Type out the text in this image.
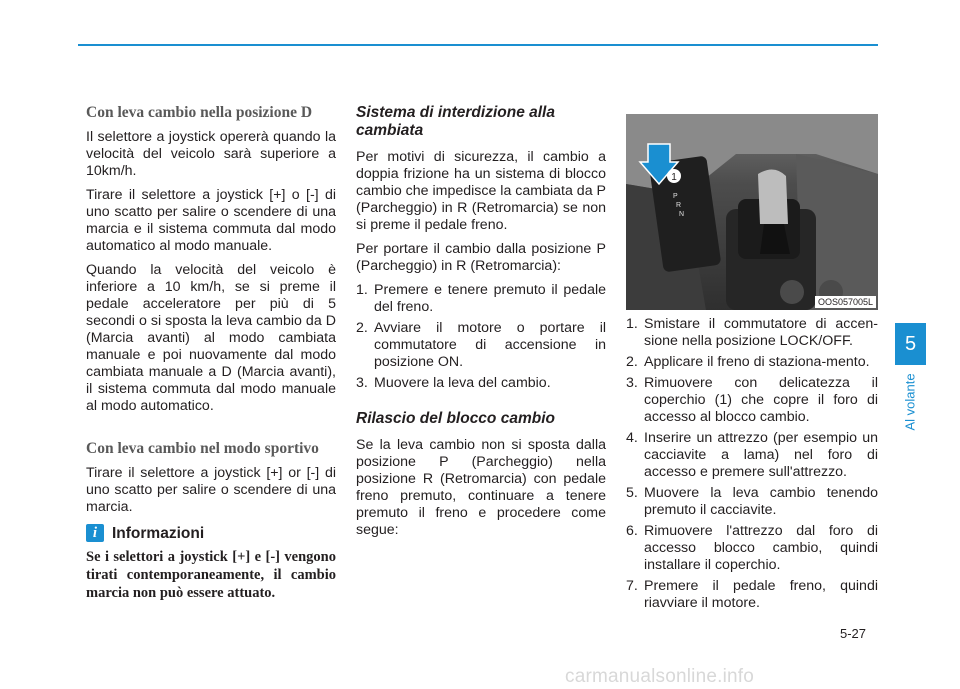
Con leva cambio nella posizione D

Il selettore a joystick opererà quando la velocità del veicolo sarà superiore a 10km/h.

Tirare il selettore a joystick [+] o [-] di uno scatto per salire o scendere di una marcia e il sistema commuta dal modo automatico al modo manuale.

Quando la velocità del veicolo è inferiore a 10 km/h, se si preme il pedale acceleratore per più di 5 secondi o si sposta la leva cambio da D (Marcia avanti) al modo cambiata manuale e poi nuovamente dal modo cambiata manuale a D (Marcia avanti), il sistema commuta dal modo manuale al modo automatico.

Con leva cambio nel modo sportivo

Tirare il selettore a joystick [+] or [-] di uno scatto per salire o scendere di una marcia.

i Informazioni
Se i selettori a joystick [+] e [-] vengono tirati contemporaneamente, il cambio marcia non può essere attuato.
Sistema di interdizione alla cambiata

Per motivi di sicurezza, il cambio a doppia frizione ha un sistema di blocco cambio che impedisce la cambiata da P (Parcheggio) in R (Retromarcia) se non si preme il pedale freno.

Per portare il cambio dalla posizione P (Parcheggio) in R (Retromarcia):

1. Premere e tenere premuto il pedale del freno.
2. Avviare il motore o portare il commutatore di accensione in posizione ON.
3. Muovere la leva del cambio.
Rilascio del blocco cambio

Se la leva cambio non si sposta dalla posizione P (Parcheggio) nella posizione R (Retromarcia) con pedale freno premuto, continuare a tenere premuto il freno e procedere come segue:

1
P
R
N
OOS057005L
1. Smistare il commutatore di accen-sione nella posizione LOCK/OFF.
2. Applicare il freno di staziona-mento.
3. Rimuovere con delicatezza il coperchio (1) che copre il foro di accesso al blocco cambio.
4. Inserire un attrezzo (per esempio un cacciavite a lama) nel foro di accesso e premere sull'attrezzo.
5. Muovere la leva cambio tenendo premuto il cacciavite.
6. Rimuovere l'attrezzo dal foro di accesso blocco cambio, quindi installare il coperchio.
7. Premere il pedale freno, quindi riavviare il motore.
5
Al volante
5-27
carmanualsonline.info
